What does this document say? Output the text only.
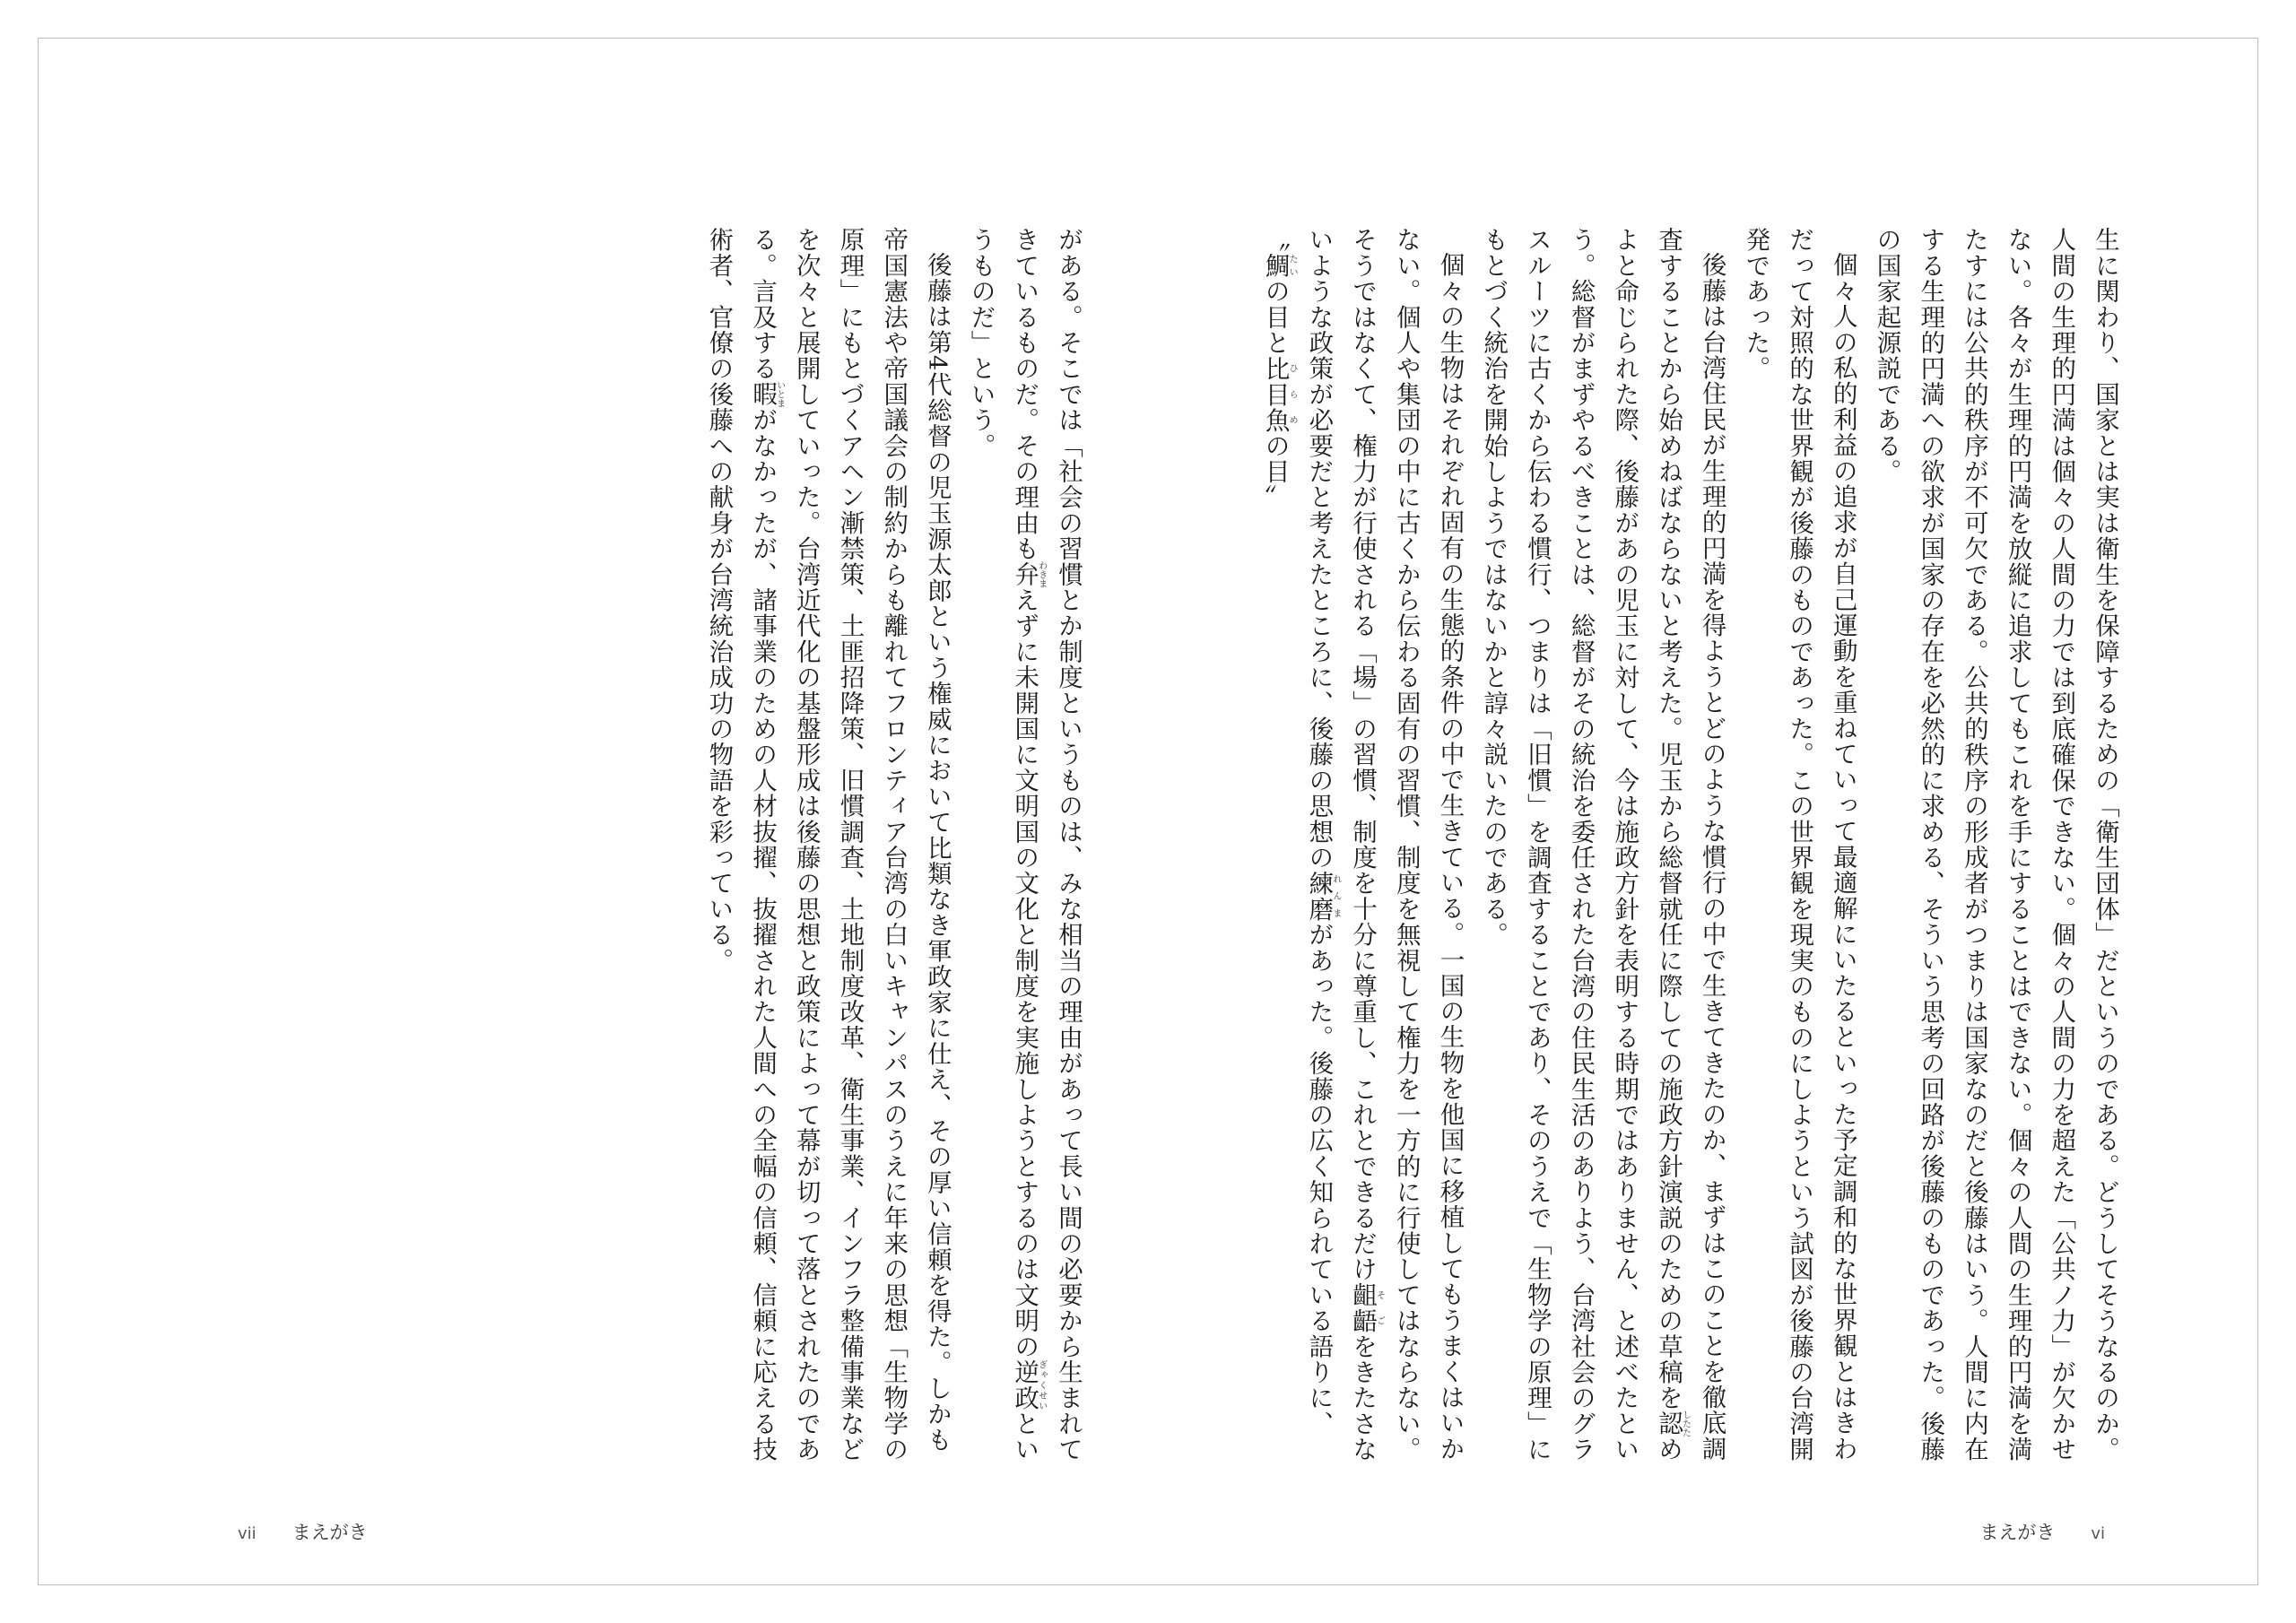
生に関わり、国家とは実は衛生を保障するための「衛生団体」だというのである。どうしてそうなるのか。人間の生理的円満は個々の人間の力では到底確保できない。個々の人間の力を超えた「公共ノ力」が欠かせない。各々が生理的円満を放縦に追求してもこれを手にすることはできない。個々の人間の生理的円満を満たすには公共的秩序が不可欠である。公共的秩序の形成者がつまりは国家なのだと後藤はいう。人間に内在する生理的円満への欲求が国家の存在を必然的に求める、そういう思考の回路が後藤のものであった。後藤の国家起源説である。

個々人の私的利益の追求が自己運動を重ねていって最適解にいたるといった予定調和的な世界観とはきわだって対照的な世界観が後藤のものであった。この世界観を現実のものにしようという試図が後藤の台湾開発であった。

後藤は台湾住民が生理的円満を得ようとどのような慣行の中で生きてきたのか、まずはこのことを徹底調査することから始めねばならないと考えた。児玉から総督就任に際しての施政方針演説のための草稿を認したためよと命じられた際、後藤があの児玉に対して、今は施政方針を表明する時期ではありません、と述べたという。総督がまずやるべきことは、総督がその統治を委任された台湾の住民生活のありよう、台湾社会のグラスルーツに古くから伝わる慣行、つまりは「旧慣」を調査することであり、そのうえで「生物学の原理」にもとづく統治を開始しようではないかと諄々説いたのである。

個々の生物はそれぞれ固有の生態的条件の中で生きている。一国の生物を他国に移植してもうまくはいかない。個人や集団の中に古くから伝わる固有の習慣、制度を無視して権力を一方的に行使してはならない。そうではなくて、権力が行使される「場」の習慣、制度を十分に尊重し、これとできるだけ齟齬そごをきたさないような政策が必要だと考えたところに、後藤の思想の練磨れんまがあった。後藤の広く知られている語りに、〝鯛たいの目と比目魚ひらめの目〟

がある。そこでは「社会の習慣とか制度というものは、みな相当の理由があって長い間の必要から生まれてきているものだ。その理由も弁わきまえずに未開国に文明国の文化と制度を実施しようとするのは文明の逆政ぎゃくせいというものだ」という。

後藤は第4代総督の児玉源太郎という権威において比類なき軍政家に仕え、その厚い信頼を得た。しかも帝国憲法や帝国議会の制約からも離れてフロンティア台湾の白いキャンパスのうえに年来の思想「生物学の原理」にもとづくアヘン漸禁策、土匪招降策、旧慣調査、土地制度改革、衛生事業、インフラ整備事業などを次々と展開していった。台湾近代化の基盤形成は後藤の思想と政策によって幕が切って落とされたのである。言及する暇いとまがなかったが、諸事業のための人材抜擢、抜擢された人間への全幅の信頼、信頼に応える技術者、官僚の後藤への献身が台湾統治成功の物語を彩っている。

vii まえがき	まえがき vi
